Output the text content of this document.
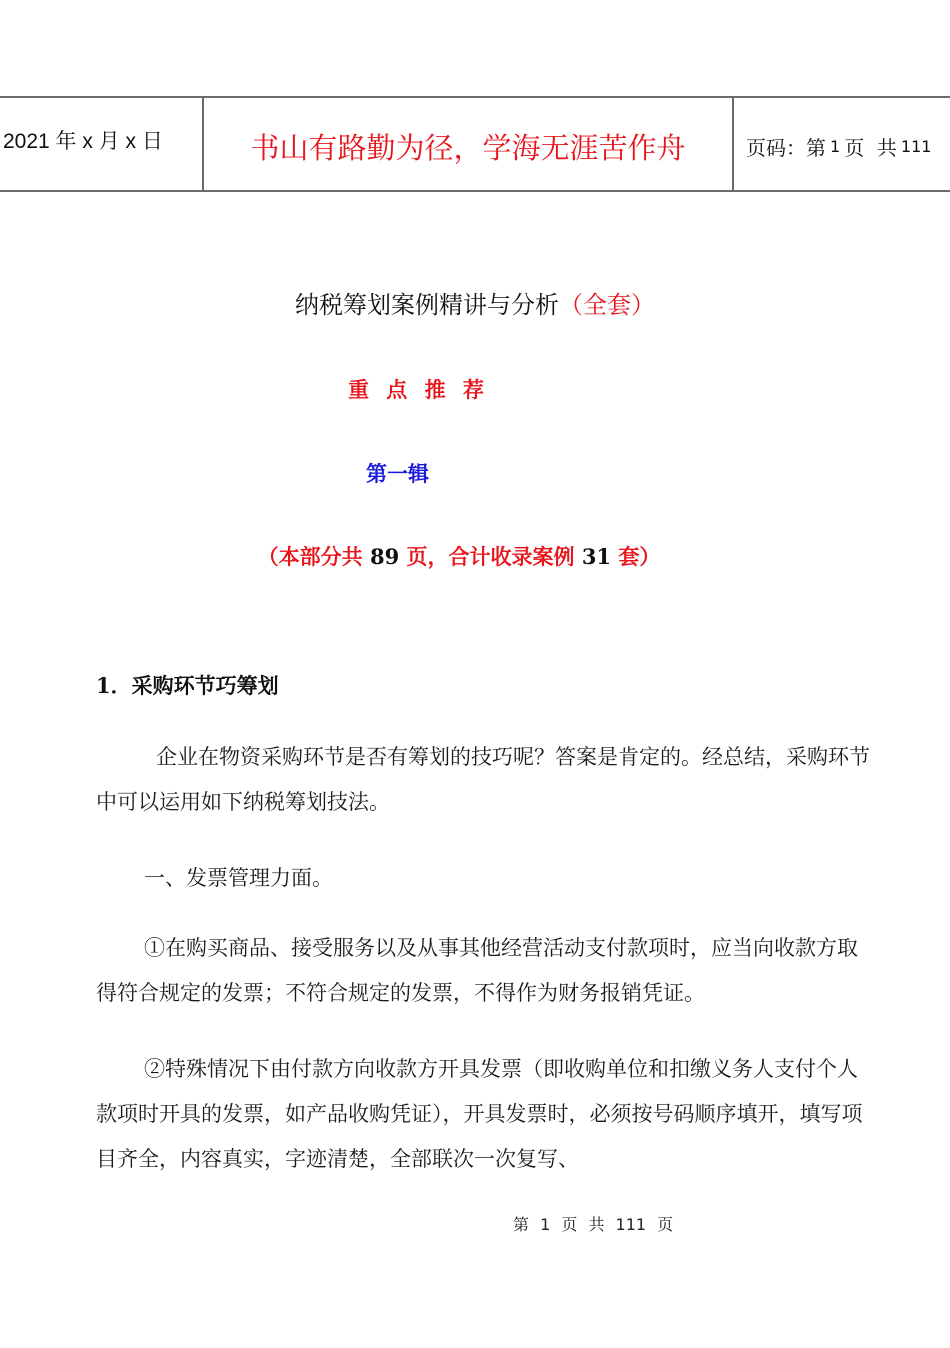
2021 年 x 月 x 日	书山有路勤为径，学海无涯苦作舟	页码：第 1 页  共 111
纳税筹划案例精讲与分析（全套）
重 点 推 荐
第一辑
（本部分共 89 页，合计收录案例 31 套）
1．采购环节巧筹划

企业在物资采购环节是否有筹划的技巧呢？答案是肯定的。经总结，采购环节中可以运用如下纳税筹划技法。

一、发票管理力面。

①在购买商品、接受服务以及从事其他经营活动支付款项时，应当向收款方取得符合规定的发票；不符合规定的发票，不得作为财务报销凭证。

②特殊情况下由付款方向收款方开具发票（即收购单位和扣缴义务人支付个人款项时开具的发票，如产品收购凭证），开具发票时，必须按号码顺序填开，填写项目齐全，内容真实，字迹清楚，全部联次一次复写、

第 1 页 共 111 页
